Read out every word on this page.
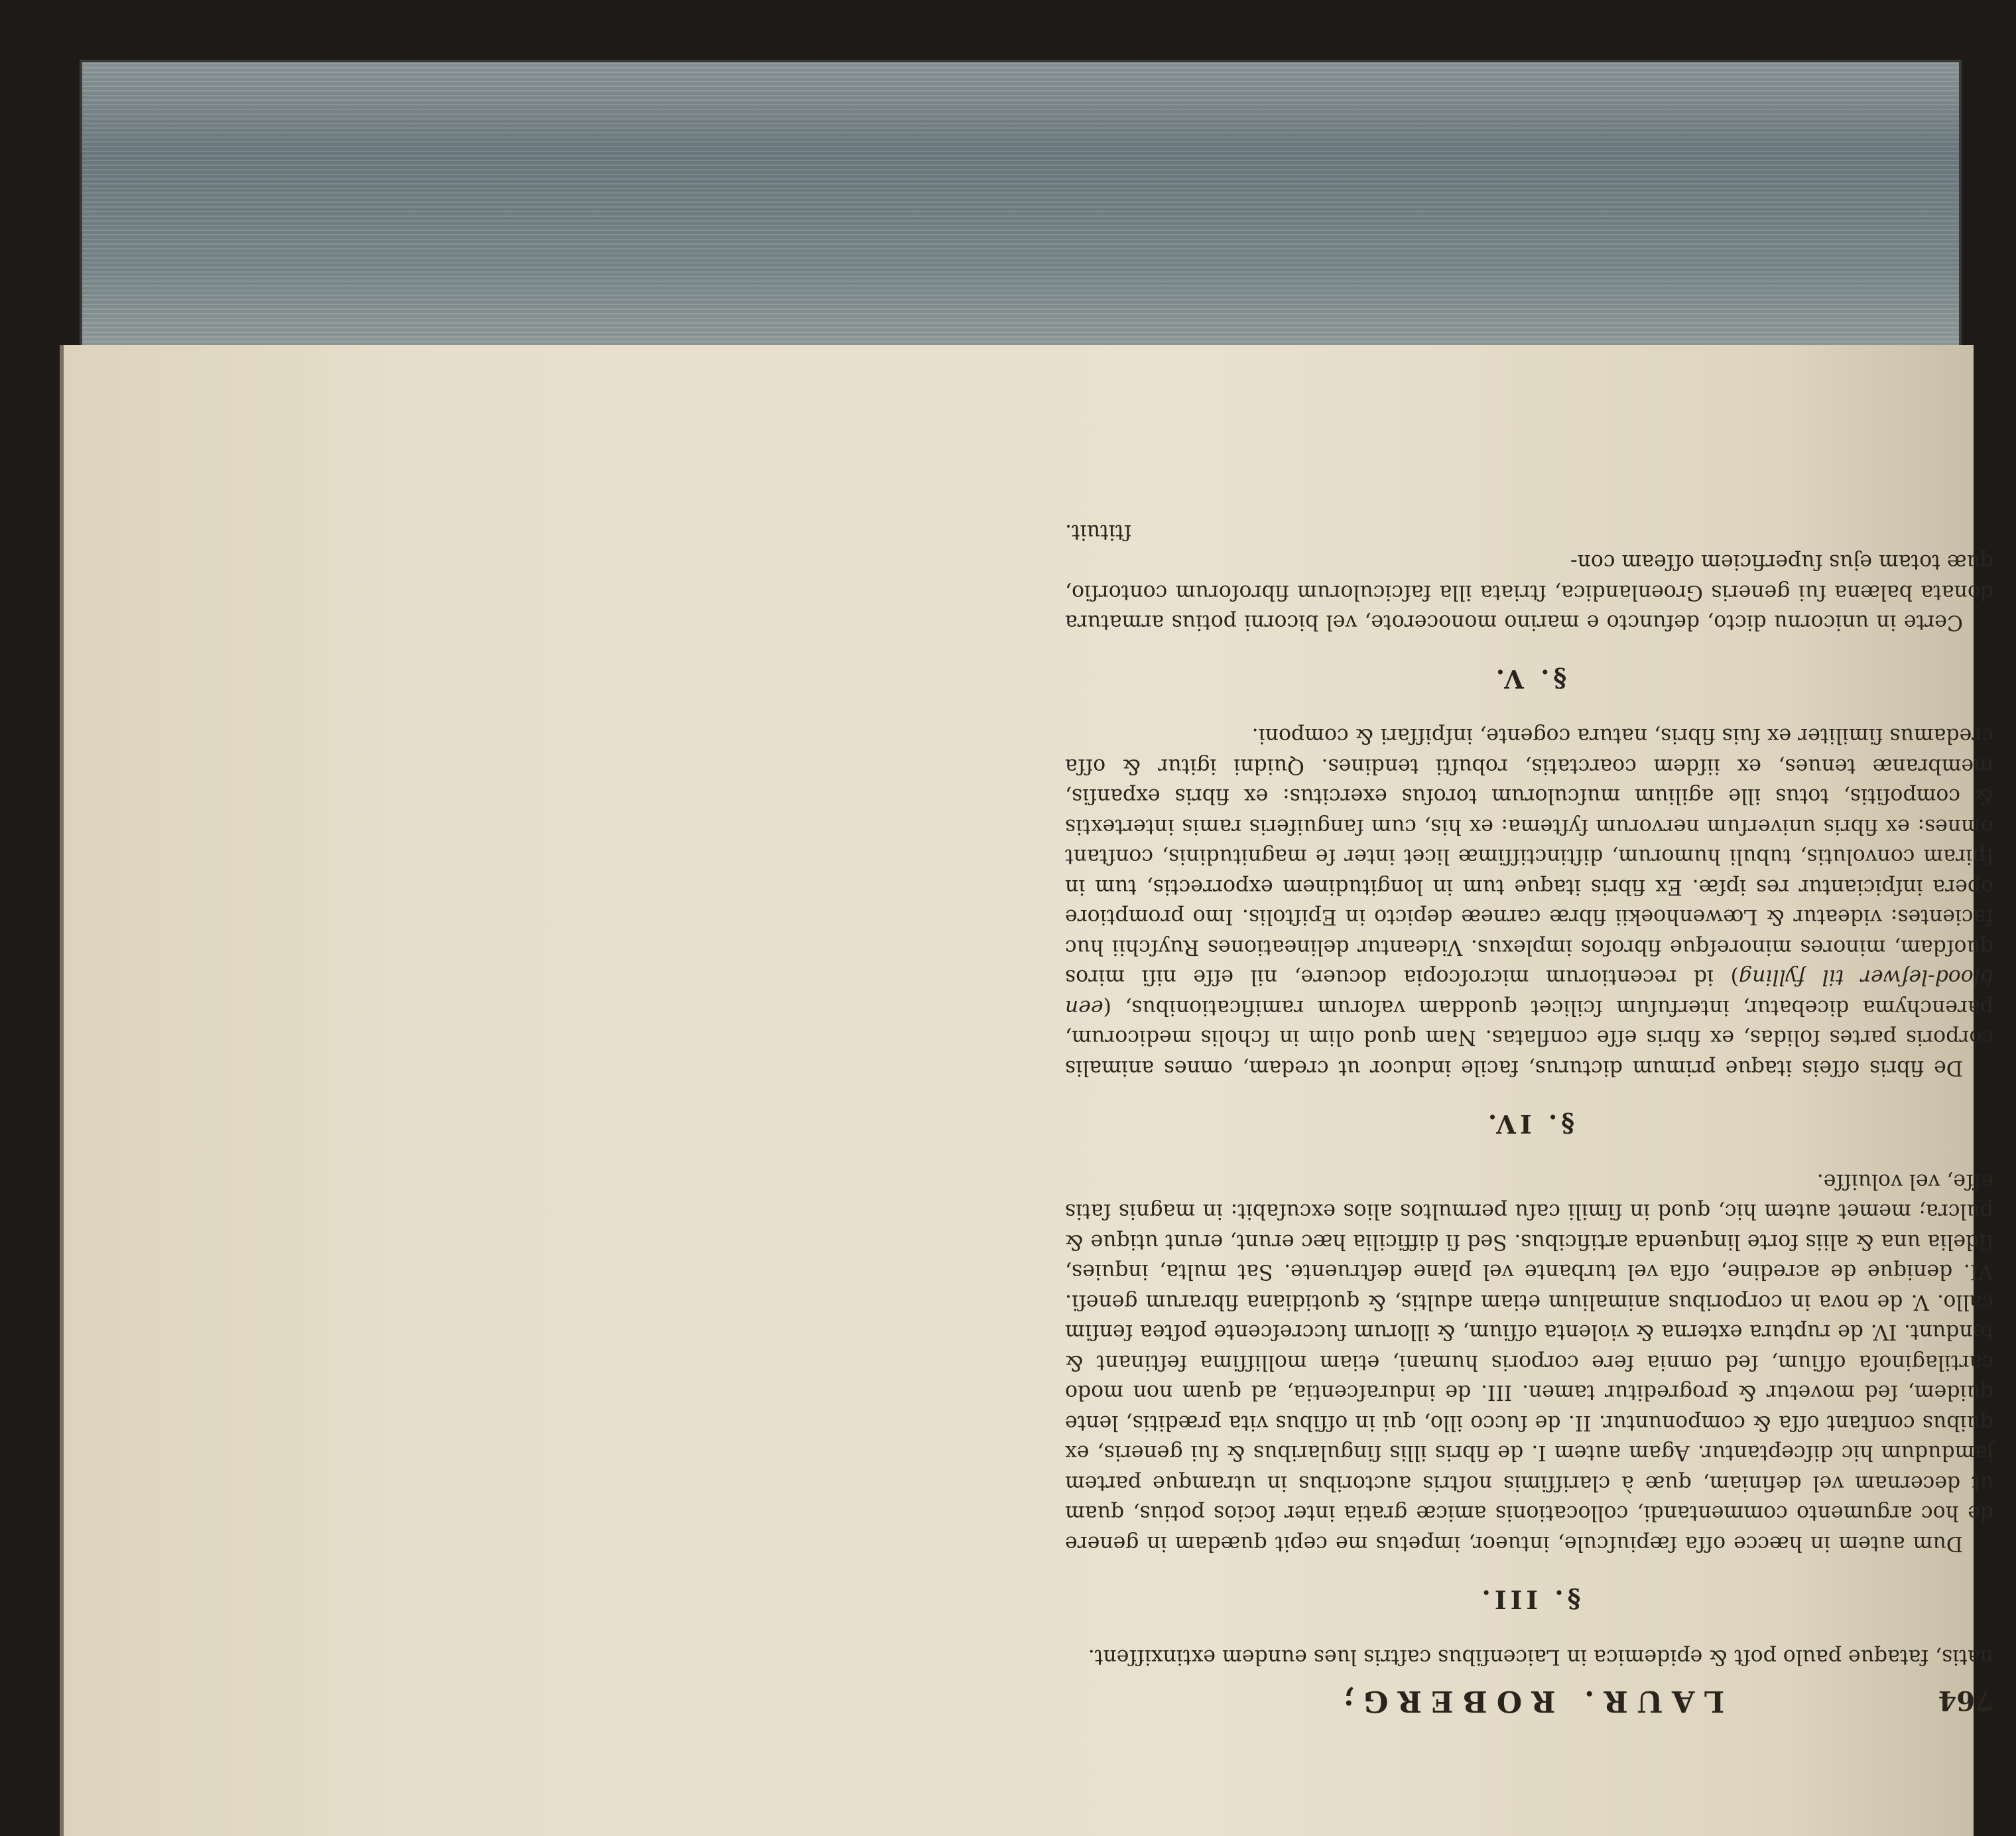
764
LAUR. ROBERG;

natis, fataque paulo poſt & epidemica in Laicenſibus caſtris lues eundem extinxiſſent.

§. III.

Dum autem in hæcce oſſa ſæpiuſcule, intueor, impetus me cepit quædam in genere de hoc argumento commentandi, collocationis amicæ gratia inter ſocios potius, quam ut decernam vel definiam, quæ à clariſſimis noſtris auctoribus in utramque partem jamdudum hic diſceptantur. Agam autem I. de fibris illis ſingularibus & ſui generis, ex quibus conſtant oſſa & componuntur. II. de ſucco illo, qui in oſſibus vita præditis, lente quidem, ſed movetur & progreditur tamen. III. de induraſcentia, ad quam non modo cartilaginoſa oſſium, ſed omnia fere corporis humani, etiam molliſſima feſtinant & tendunt. IV. de ruptura externa & violenta oſſium, & illorum ſuccreſcente poſtea ſenſim callo. V. de nova in corporibus animalium etiam adultis, & quotidiana fibrarum geneſi. VI. denique de acredine, oſſa vel turbante vel plane deſtruente. Sat multa, inquies, ſidelia una & aliis forte linquenda artificibus. Sed ſi difficilia hæc erunt, erunt utique & pulcra; memet autem hic, quod in ſimili caſu permultos alios excuſabit: in magnis ſatis eſſe, vel voluiſſe.

§. IV.

De fibris oſſeis itaque primum dicturus, facile inducor ut credam, omnes animalis corporis partes ſolidas, ex fibris eſſe conflatas. Nam quod olim in ſcholis medicorum, parenchyma dicebatur, interfuſum ſcilicet quoddam vaſorum ramificationibus, (een blood-leſwer til fylling) id recentiorum microſcopia docuere, nil eſſe niſi miros quoſdam, minores minoreſque fibroſos implexus. Videantur delineationes Ruyſchii huc facientes: videatur & Lœwenhoekii fibræ carneæ depicto in Epiſtolis. Imo promptiore opera inſpiciantur res ipſæ. Ex fibris itaque tum in longitudinem exporrectis, tum in ſpiram convolutis, tubuli humorum, diſtinctiſſimæ licet inter ſe magnitudinis, conſtant omnes: ex fibris univerſum nervorum ſyſtema: ex his, cum ſanguiferis ramis intertextis & compoſitis, totus ille agilium muſculorum toroſus exercitus: ex fibris expanſis, membranæ tenues, ex iiſdem coarctatis, robuſti tendines. Quidni igitur & oſſa credamus ſimiliter ex ſuis fibris, natura cogente, inſpiſſari & componi.

§. V.

Certe in unicornu dicto, defuncto e marino monocerote, vel bicorni potius armatura donata balæna ſui generis Groenlandica, ſtriata illa faſciculorum fibroſorum contorſio, quæ totam ejus ſuperficiem oſſeam con-

ſtituit.
